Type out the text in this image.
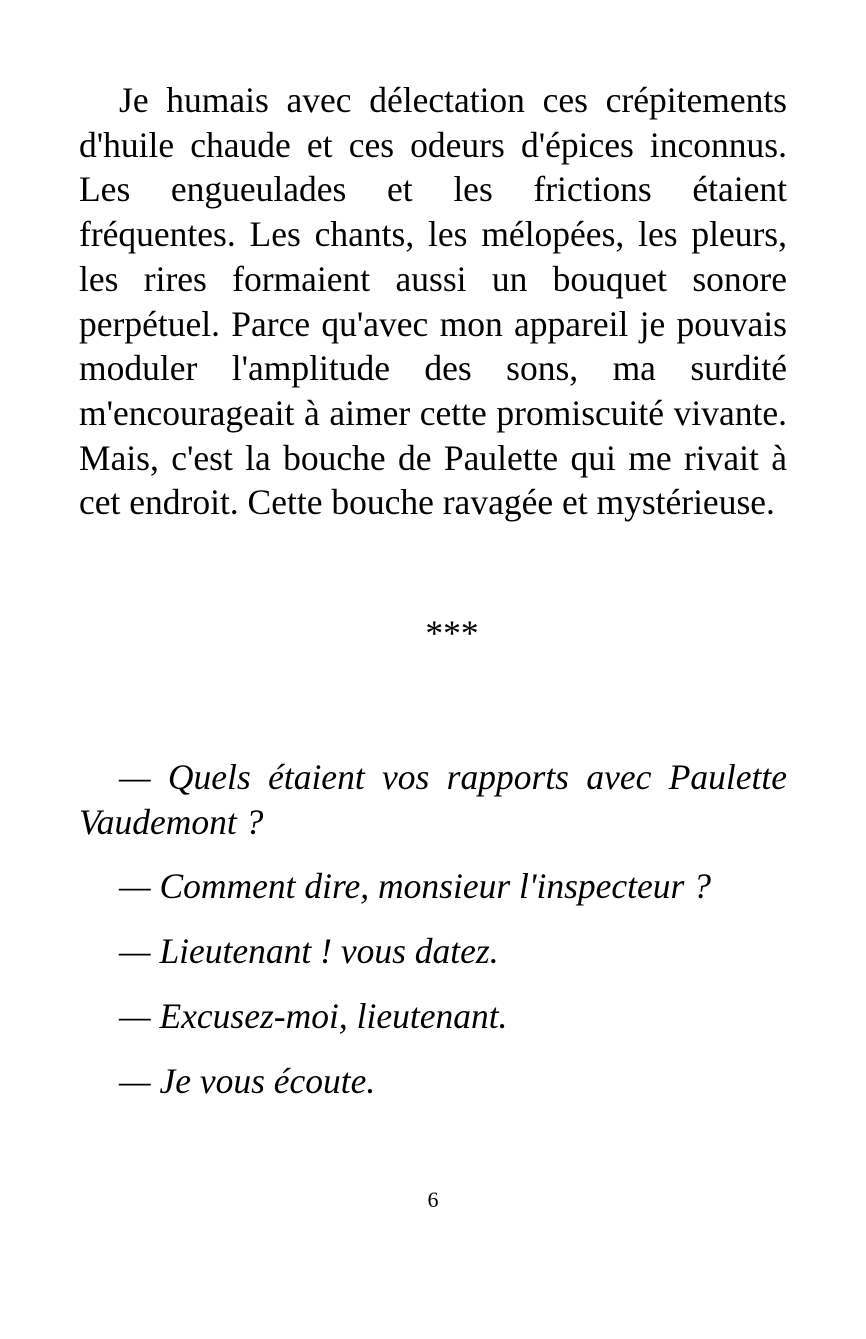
Je humais avec délectation ces crépitements d'huile chaude et ces odeurs d'épices inconnus. Les engueulades et les frictions étaient fréquentes. Les chants, les mélopées, les pleurs, les rires formaient aussi un bouquet sonore perpétuel. Parce qu'avec mon appareil je pouvais moduler l'amplitude des sons, ma surdité m'encourageait à aimer cette promiscuité vivante. Mais, c'est la bouche de Paulette qui me rivait à cet endroit. Cette bouche ravagée et mystérieuse.

***

— Quels étaient vos rapports avec Paulette Vaudemont ?

— Comment dire, monsieur l'inspecteur ?

— Lieutenant ! vous datez.

— Excusez-moi, lieutenant.

— Je vous écoute.

6
